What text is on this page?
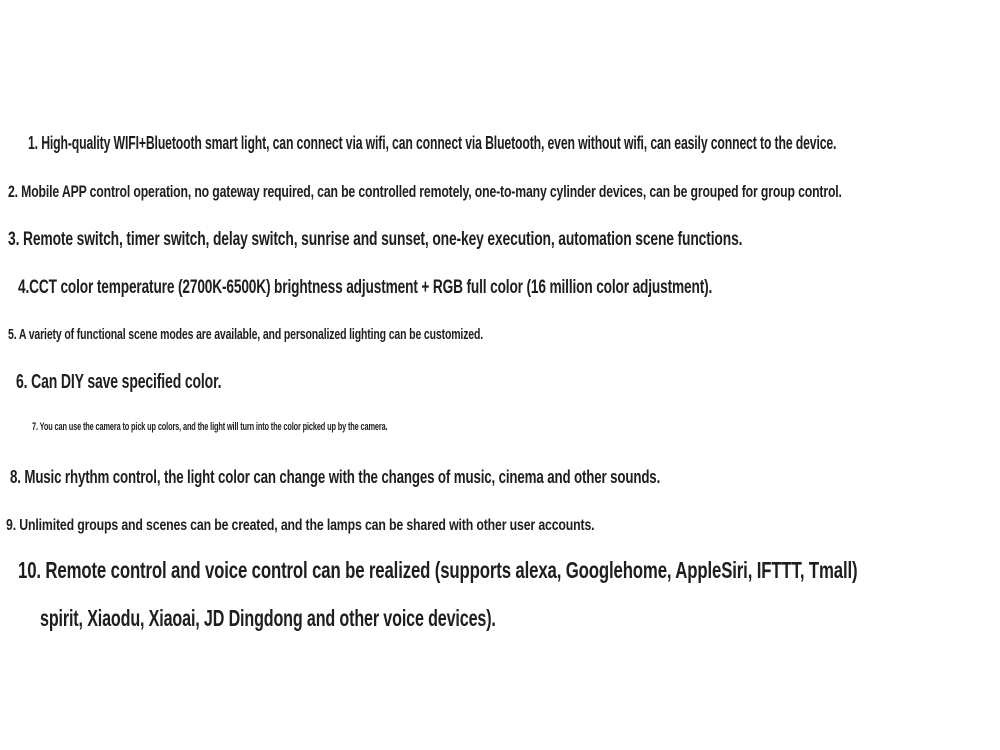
1. High-quality WIFI+Bluetooth smart light, can connect via wifi, can connect via Bluetooth, even without wifi, can easily connect to the device.
2. Mobile APP control operation, no gateway required, can be controlled remotely, one-to-many cylinder devices, can be grouped for group control.
3. Remote switch, timer switch, delay switch, sunrise and sunset, one-key execution, automation scene functions.
4.CCT color temperature (2700K-6500K) brightness adjustment + RGB full color (16 million color adjustment).
5. A variety of functional scene modes are available, and personalized lighting can be customized.
6. Can DIY save specified color.
7. You can use the camera to pick up colors, and the light will turn into the color picked up by the camera.
8. Music rhythm control, the light color can change with the changes of music, cinema and other sounds.
9. Unlimited groups and scenes can be created, and the lamps can be shared with other user accounts.
10. Remote control and voice control can be realized (supports alexa, Googlehome, AppleSiri, IFTTT, Tmall)
spirit, Xiaodu, Xiaoai, JD Dingdong and other voice devices).
